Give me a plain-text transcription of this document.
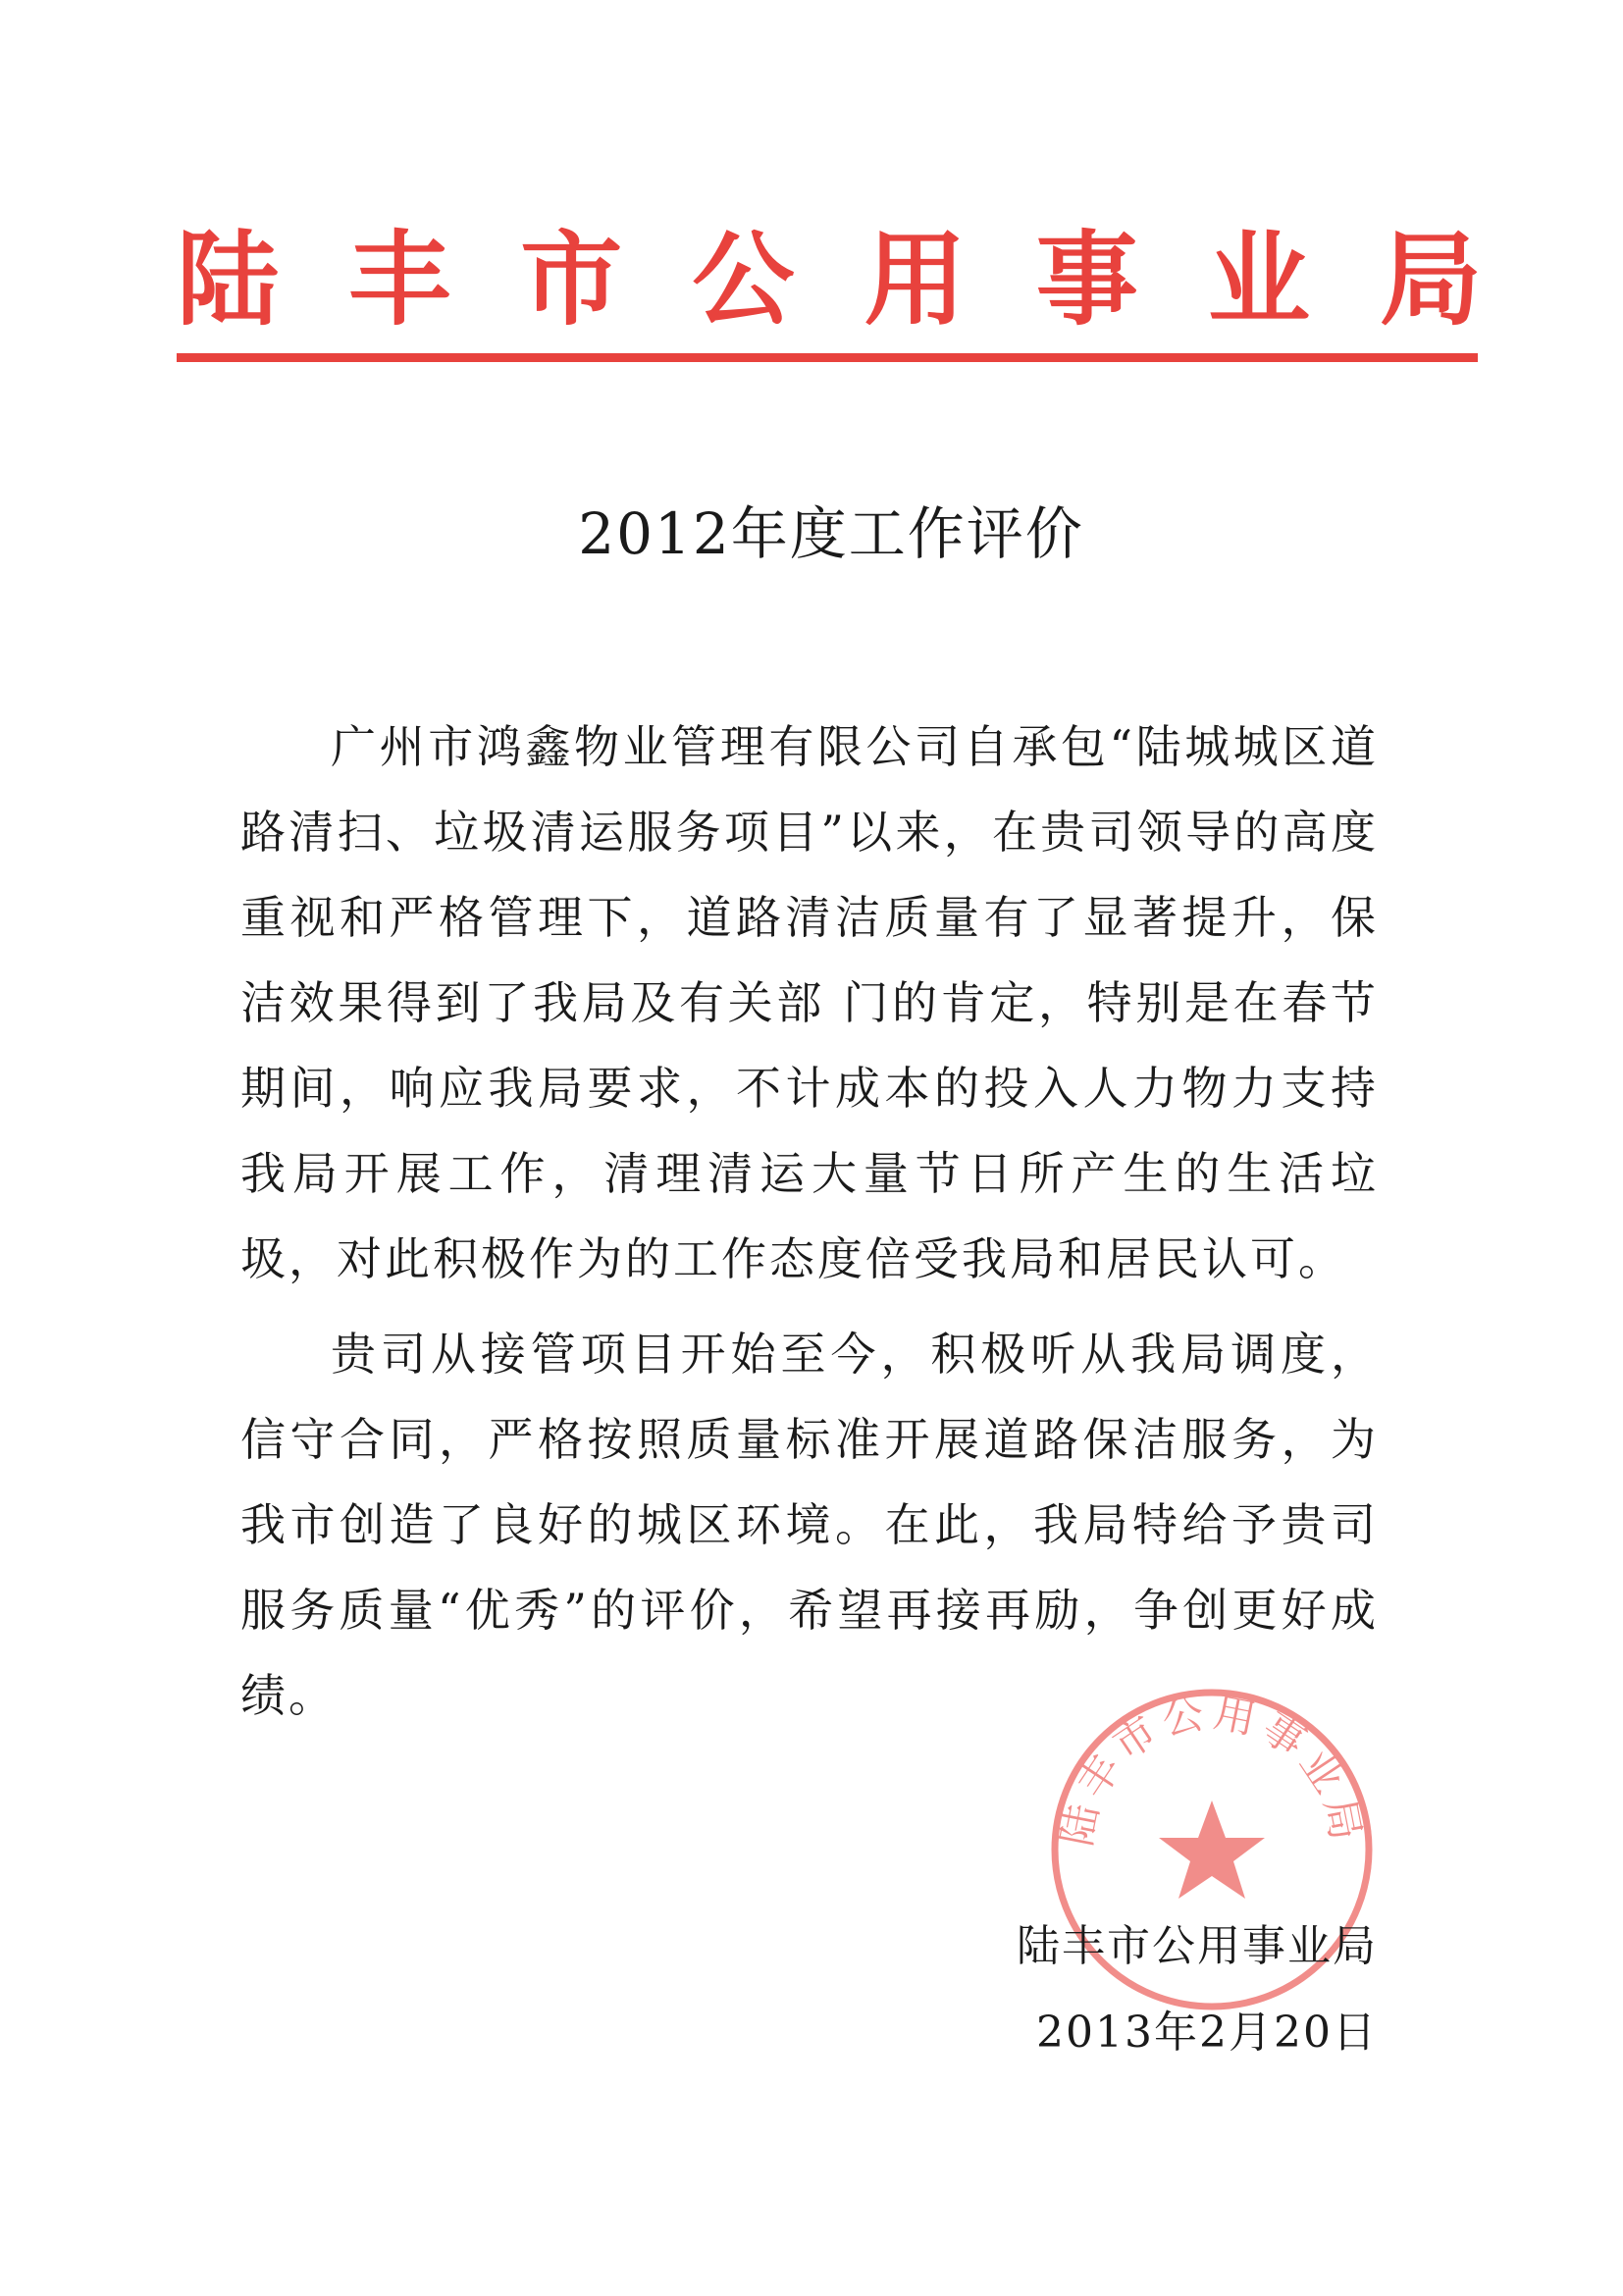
陆 丰 市 公 用 事 业 局
2012年度工作评价

广州市鸿鑫物业管理有限公司自承包“陆城城区道路清扫、垃圾清运服务项目”以来，在贵司领导的高度重视和严格管理下，道路清洁质量有了显著提升，保洁效果得到了我局及有关部 门的肯定，特别是在春节期间，响应我局要求，不计成本的投入人力物力支持我局开展工作，清理清运大量节日所产生的生活垃圾，对此积极作为的工作态度倍受我局和居民认可。

贵司从接管项目开始至今，积极听从我局调度，信守合同，严格按照质量标准开展道路保洁服务，为我市创造了良好的城区环境。在此，我局特给予贵司服务质量“优秀”的评价，希望再接再励，争创更好成绩。

陆丰市公用事业局
陆丰市公用事业局
2013年2月20日
